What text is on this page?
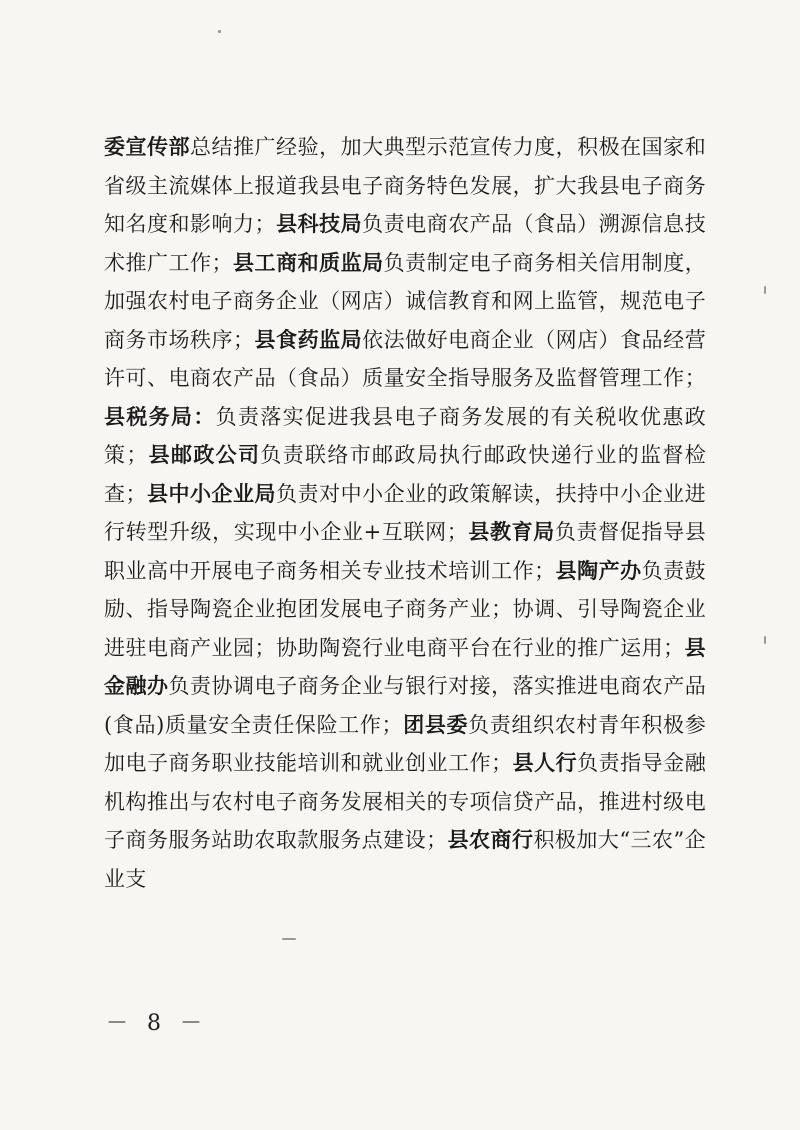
委宣传部总结推广经验，加大典型示范宣传力度，积极在国家和省级主流媒体上报道我县电子商务特色发展，扩大我县电子商务知名度和影响力；县科技局负责电商农产品（食品）溯源信息技术推广工作；县工商和质监局负责制定电子商务相关信用制度，加强农村电子商务企业（网店）诚信教育和网上监管，规范电子商务市场秩序；县食药监局依法做好电商企业（网店）食品经营许可、电商农产品（食品）质量安全指导服务及监督管理工作；县税务局：负责落实促进我县电子商务发展的有关税收优惠政策；县邮政公司负责联络市邮政局执行邮政快递行业的监督检查；县中小企业局负责对中小企业的政策解读，扶持中小企业进行转型升级，实现中小企业+互联网；县教育局负责督促指导县职业高中开展电子商务相关专业技术培训工作；县陶产办负责鼓励、指导陶瓷企业抱团发展电子商务产业；协调、引导陶瓷企业进驻电商产业园；协助陶瓷行业电商平台在行业的推广运用；县金融办负责协调电子商务企业与银行对接，落实推进电商农产品(食品)质量安全责任保险工作；团县委负责组织农村青年积极参加电子商务职业技能培训和就业创业工作；县人行负责指导金融机构推出与农村电子商务发展相关的专项信贷产品，推进村级电子商务服务站助农取款服务点建设；县农商行积极加大“三农”企业支
－ 8 －
